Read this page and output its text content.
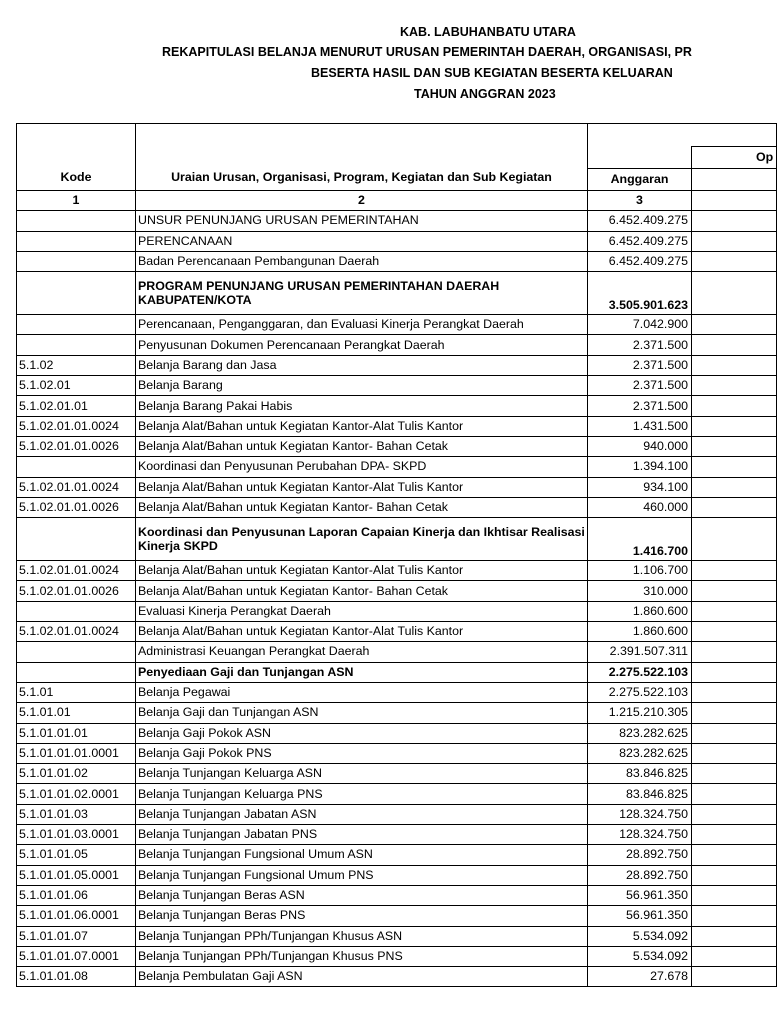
KAB. LABUHANBATU UTARA
REKAPITULASI BELANJA MENURUT URUSAN PEMERINTAH DAERAH, ORGANISASI, PR
BESERTA HASIL DAN SUB KEGIATAN BESERTA KELUARAN
TAHUN ANGGRAN 2023
Kode	Uraian Urusan, Organisasi, Program, Kegiatan dan Sub Kegiatan		
			Op
		Anggaran	
1	2	3	
	UNSUR PENUNJANG URUSAN PEMERINTAHAN	6.452.409.275	
	PERENCANAAN	6.452.409.275	
	Badan Perencanaan Pembangunan Daerah	6.452.409.275	
	PROGRAM PENUNJANG URUSAN PEMERINTAHAN DAERAH KABUPATEN/KOTA	3.505.901.623	
	Perencanaan, Penganggaran, dan Evaluasi Kinerja Perangkat Daerah	7.042.900	
	Penyusunan Dokumen Perencanaan Perangkat Daerah	2.371.500	
5.1.02	Belanja Barang dan Jasa	2.371.500	
5.1.02.01	Belanja Barang	2.371.500	
5.1.02.01.01	Belanja Barang Pakai Habis	2.371.500	
5.1.02.01.01.0024	Belanja Alat/Bahan untuk Kegiatan Kantor-Alat Tulis Kantor	1.431.500	
5.1.02.01.01.0026	Belanja Alat/Bahan untuk Kegiatan Kantor- Bahan Cetak	940.000	
	Koordinasi dan Penyusunan Perubahan DPA- SKPD	1.394.100	
5.1.02.01.01.0024	Belanja Alat/Bahan untuk Kegiatan Kantor-Alat Tulis Kantor	934.100	
5.1.02.01.01.0026	Belanja Alat/Bahan untuk Kegiatan Kantor- Bahan Cetak	460.000	
	Koordinasi dan Penyusunan Laporan Capaian Kinerja dan Ikhtisar Realisasi Kinerja SKPD	1.416.700	
5.1.02.01.01.0024	Belanja Alat/Bahan untuk Kegiatan Kantor-Alat Tulis Kantor	1.106.700	
5.1.02.01.01.0026	Belanja Alat/Bahan untuk Kegiatan Kantor- Bahan Cetak	310.000	
	Evaluasi Kinerja Perangkat Daerah	1.860.600	
5.1.02.01.01.0024	Belanja Alat/Bahan untuk Kegiatan Kantor-Alat Tulis Kantor	1.860.600	
	Administrasi Keuangan Perangkat Daerah	2.391.507.311	
	Penyediaan Gaji dan Tunjangan ASN	2.275.522.103	
5.1.01	Belanja Pegawai	2.275.522.103	
5.1.01.01	Belanja Gaji dan Tunjangan ASN	1.215.210.305	
5.1.01.01.01	Belanja Gaji Pokok ASN	823.282.625	
5.1.01.01.01.0001	Belanja Gaji Pokok PNS	823.282.625	
5.1.01.01.02	Belanja Tunjangan Keluarga ASN	83.846.825	
5.1.01.01.02.0001	Belanja Tunjangan Keluarga PNS	83.846.825	
5.1.01.01.03	Belanja Tunjangan Jabatan ASN	128.324.750	
5.1.01.01.03.0001	Belanja Tunjangan Jabatan PNS	128.324.750	
5.1.01.01.05	Belanja Tunjangan Fungsional Umum ASN	28.892.750	
5.1.01.01.05.0001	Belanja Tunjangan Fungsional Umum PNS	28.892.750	
5.1.01.01.06	Belanja Tunjangan Beras ASN	56.961.350	
5.1.01.01.06.0001	Belanja Tunjangan Beras PNS	56.961.350	
5.1.01.01.07	Belanja Tunjangan PPh/Tunjangan Khusus ASN	5.534.092	
5.1.01.01.07.0001	Belanja Tunjangan PPh/Tunjangan Khusus PNS	5.534.092	
5.1.01.01.08	Belanja Pembulatan Gaji ASN	27.678	
